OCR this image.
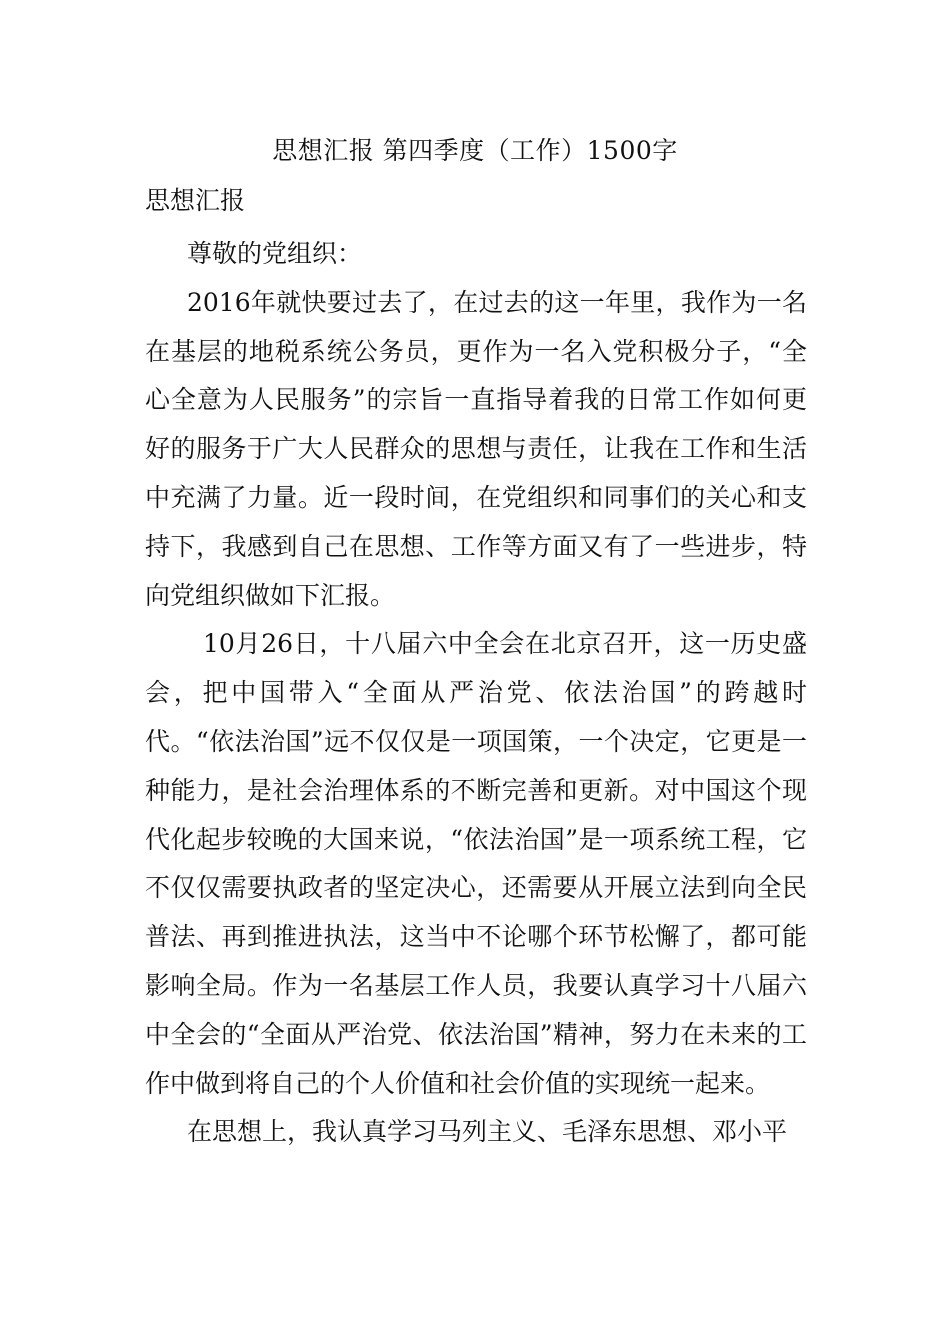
思想汇报 第四季度（工作）1500字
思想汇报

尊敬的党组织：

2016年就快要过去了，在过去的这一年里，我作为一名在基层的地税系统公务员，更作为一名入党积极分子，“全心全意为人民服务”的宗旨一直指导着我的日常工作如何更好的服务于广大人民群众的思想与责任，让我在工作和生活中充满了力量。近一段时间，在党组织和同事们的关心和支持下，我感到自己在思想、工作等方面又有了一些进步，特向党组织做如下汇报。

10月26日，十八届六中全会在北京召开，这一历史盛会，把中国带入“全面从严治党、依法治国”的跨越时代。“依法治国”远不仅仅是一项国策，一个决定，它更是一种能力，是社会治理体系的不断完善和更新。对中国这个现代化起步较晚的大国来说，“依法治国”是一项系统工程，它不仅仅需要执政者的坚定决心，还需要从开展立法到向全民普法、再到推进执法，这当中不论哪个环节松懈了，都可能影响全局。作为一名基层工作人员，我要认真学习十八届六中全会的“全面从严治党、依法治国”精神，努力在未来的工作中做到将自己的个人价值和社会价值的实现统一起来。

在思想上，我认真学习马列主义、毛泽东思想、邓小平
